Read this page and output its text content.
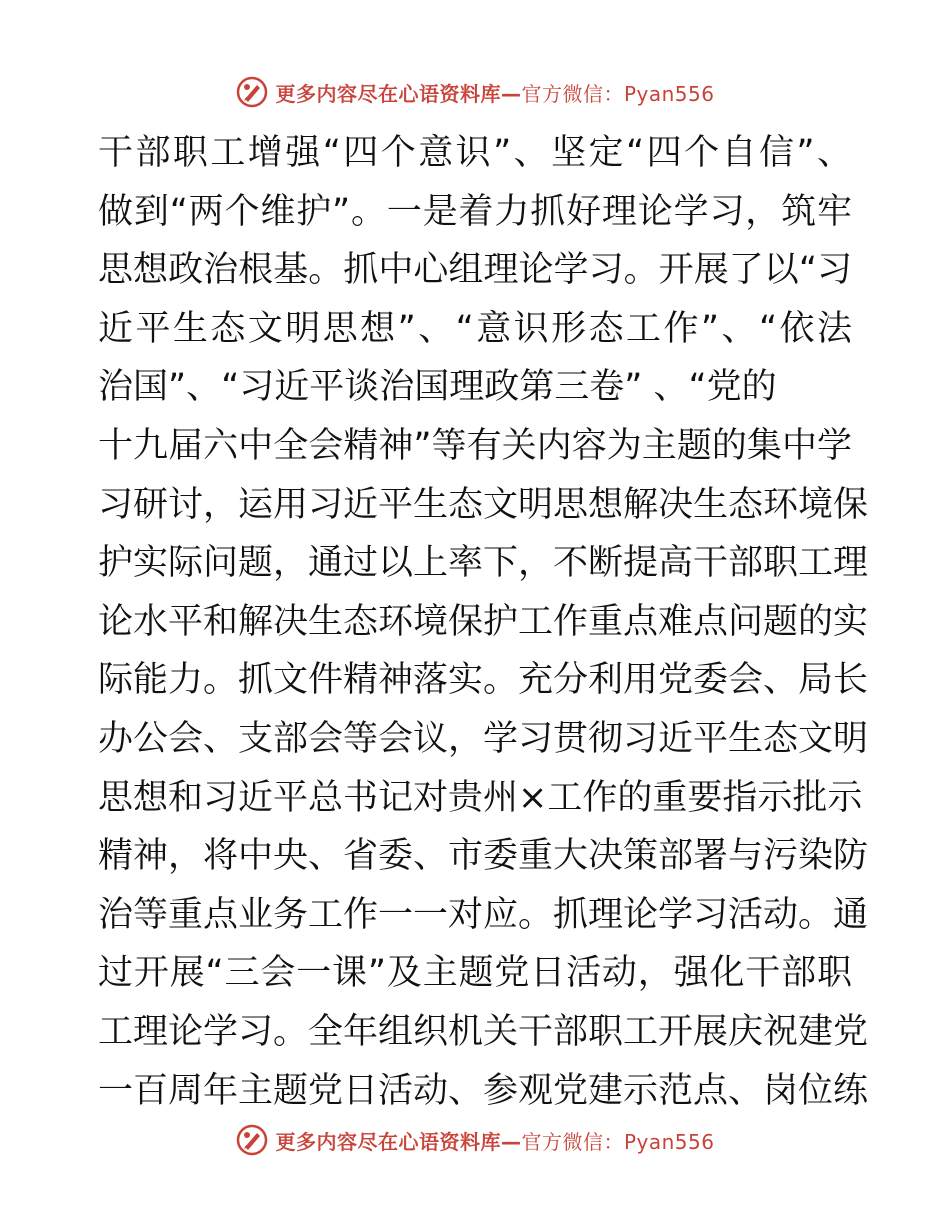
更多内容尽在心语资料库—官方微信：Pyan556
干部职工增强“四个意识”、坚定“四个自信”、
做到“两个维护”。一是着力抓好理论学习，筑牢
思想政治根基。抓中心组理论学习。开展了以“习
近平生态文明思想”、“意识形态工作”、“依法
治国”、“习近平谈治国理政第三卷” 、“党的
十九届六中全会精神”等有关内容为主题的集中学
习研讨，运用习近平生态文明思想解决生态环境保
护实际问题，通过以上率下，不断提高干部职工理
论水平和解决生态环境保护工作重点难点问题的实
际能力。抓文件精神落实。充分利用党委会、局长
办公会、支部会等会议，学习贯彻习近平生态文明
思想和习近平总书记对贵州×工作的重要指示批示
精神，将中央、省委、市委重大决策部署与污染防
治等重点业务工作一一对应。抓理论学习活动。通
过开展“三会一课”及主题党日活动，强化干部职
工理论学习。全年组织机关干部职工开展庆祝建党
一百周年主题党日活动、参观党建示范点、岗位练
更多内容尽在心语资料库—官方微信：Pyan556
